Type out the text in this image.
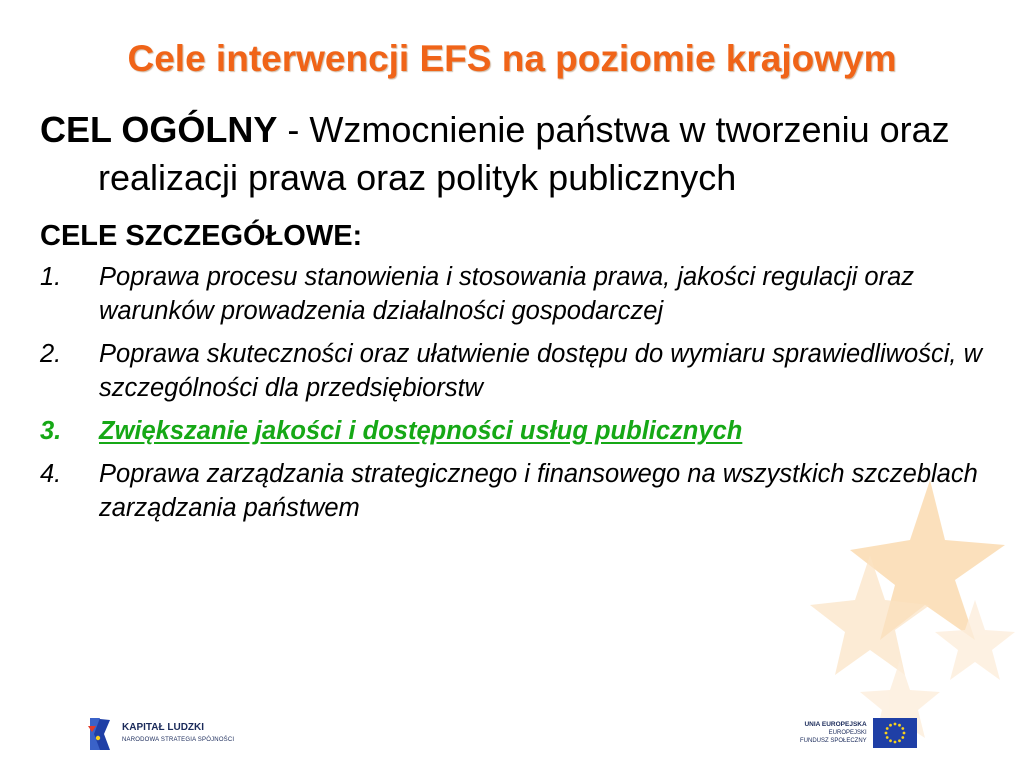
Cele interwencji EFS na poziomie krajowym

CEL OGÓLNY - Wzmocnienie państwa w tworzeniu oraz realizacji prawa oraz polityk publicznych

CELE SZCZEGÓŁOWE:
1. Poprawa procesu stanowienia i stosowania prawa, jakości regulacji oraz warunków prowadzenia działalności gospodarczej
2. Poprawa skuteczności oraz ułatwienie dostępu do wymiaru sprawiedliwości, w szczególności dla przedsiębiorstw
3. Zwiększanie jakości i dostępności usług publicznych
4. Poprawa zarządzania strategicznego i finansowego na wszystkich szczeblach zarządzania państwem
KAPITAŁ LUDZKI
NARODOWA STRATEGIA SPÓJNOŚCI
UNIA EUROPEJSKA
EUROPEJSKI
FUNDUSZ SPOŁECZNY
